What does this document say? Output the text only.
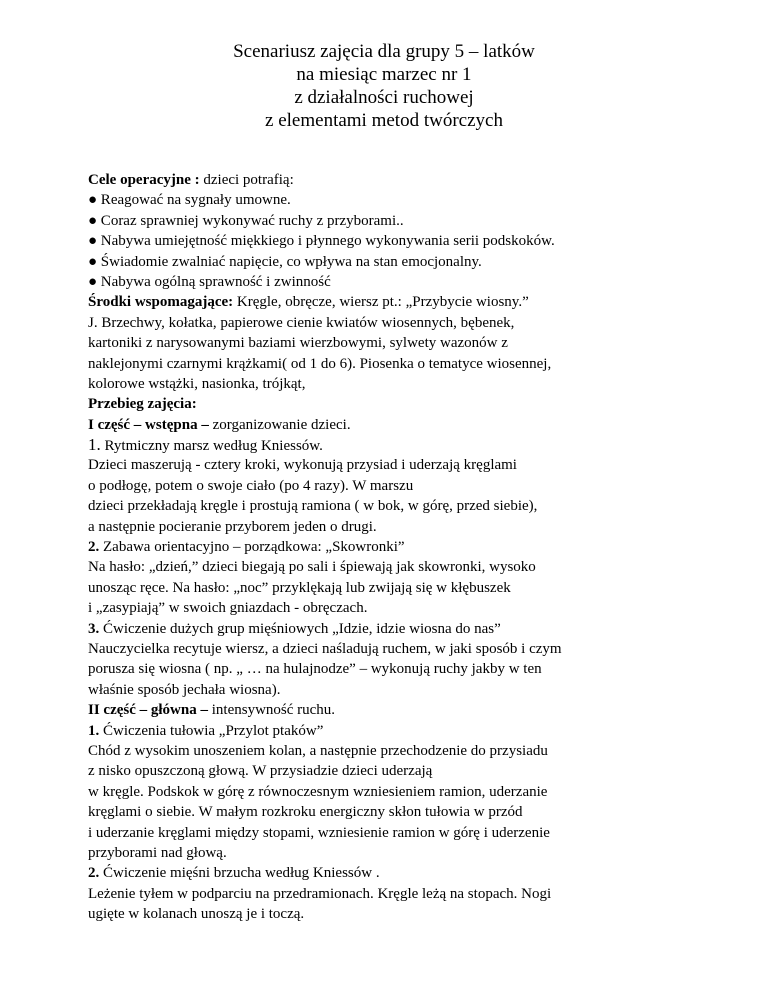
Scenariusz zajęcia dla grupy 5 – latków
na miesiąc marzec nr 1
z działalności ruchowej
z elementami metod twórczych
Cele operacyjne : dzieci potrafią:
● Reagować na sygnały umowne.
● Coraz sprawniej wykonywać ruchy z przyborami..
● Nabywa umiejętność miękkiego i płynnego wykonywania serii podskoków.
● Świadomie zwalniać napięcie, co wpływa na stan emocjonalny.
● Nabywa ogólną sprawność i zwinność
Środki wspomagające: Kręgle, obręcze, wiersz pt.: „Przybycie wiosny.”
J. Brzechwy, kołatka, papierowe cienie kwiatów wiosennych, bębenek,
kartoniki z narysowanymi baziami wierzbowymi, sylwety wazonów z
naklejonymi czarnymi krążkami( od 1 do 6). Piosenka o tematyce wiosennej,
kolorowe wstążki, nasionka, trójkąt,
Przebieg zajęcia:
I część – wstępna – zorganizowanie dzieci.
1. Rytmiczny marsz według Kniessów.
Dzieci maszerują - cztery kroki, wykonują przysiad i uderzają kręglami
o podłogę, potem o swoje ciało (po 4 razy). W marszu
dzieci przekładają kręgle i prostują ramiona ( w bok, w górę, przed siebie),
a następnie pocieranie przyborem jeden o drugi.
2. Zabawa orientacyjno – porządkowa: „Skowronki”
Na hasło: „dzień,” dzieci biegają po sali i śpiewają jak skowronki, wysoko
unosząc ręce. Na hasło: „noc” przyklękają lub zwijają się w kłębuszek
i „zasypiają” w swoich gniazdach - obręczach.
3. Ćwiczenie dużych grup mięśniowych „Idzie, idzie wiosna do nas”
Nauczycielka recytuje wiersz, a dzieci naśladują ruchem, w jaki sposób i czym
porusza się wiosna ( np. „ … na hulajnodze” – wykonują ruchy jakby w ten
właśnie sposób jechała wiosna).
II część – główna – intensywność ruchu.
1. Ćwiczenia tułowia „Przylot ptaków”
Chód z wysokim unoszeniem kolan, a następnie przechodzenie do przysiadu
z nisko opuszczoną głową. W przysiadzie dzieci uderzają
w kręgle. Podskok w górę z równoczesnym wzniesieniem ramion, uderzanie
kręglami o siebie. W małym rozkroku energiczny skłon tułowia w przód
i uderzanie kręglami między stopami, wzniesienie ramion w górę i uderzenie
przyborami nad głową.
2. Ćwiczenie mięśni brzucha według Kniessów .
Leżenie tyłem w podparciu na przedramionach. Kręgle leżą na stopach. Nogi
ugięte w kolanach unoszą je i toczą.
